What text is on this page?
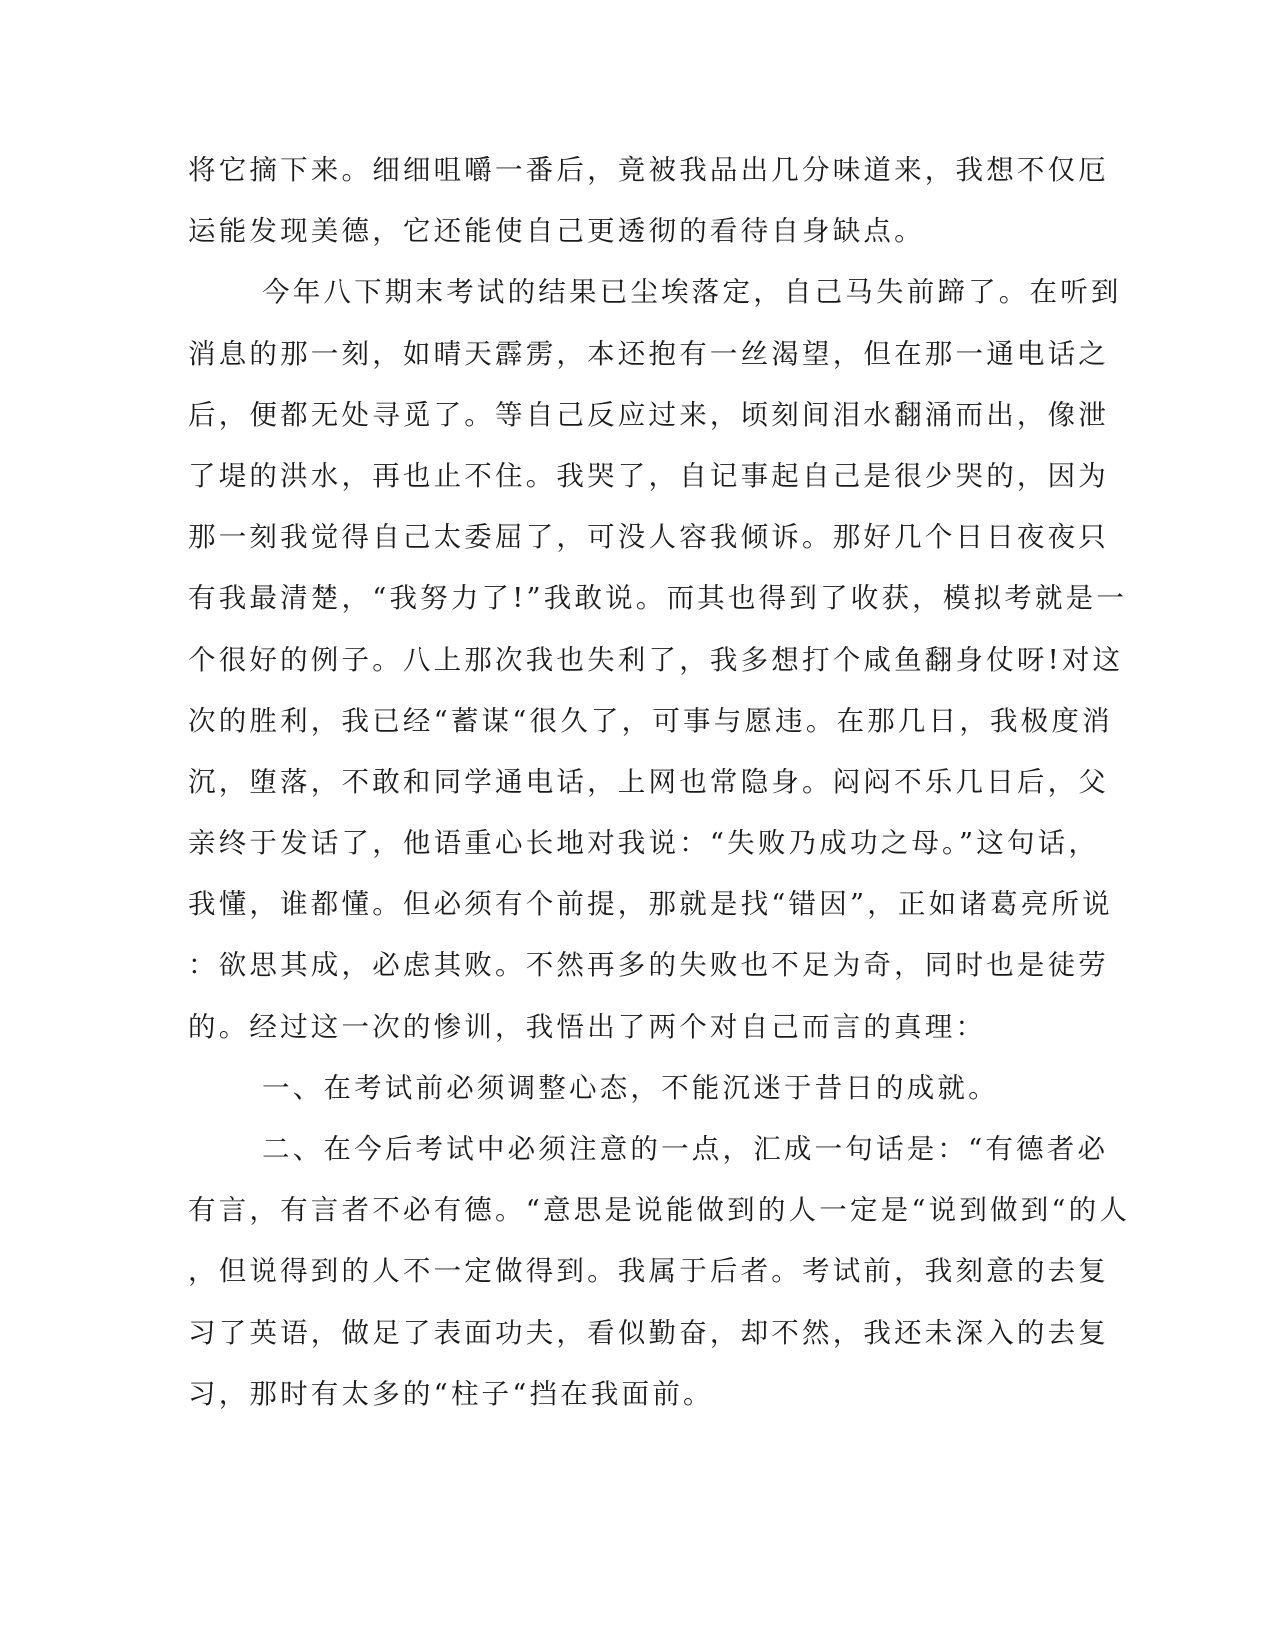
将它摘下来。细细咀嚼一番后，竟被我品出几分味道来，我想不仅厄
运能发现美德，它还能使自己更透彻的看待自身缺点。
今年八下期末考试的结果已尘埃落定，自己马失前蹄了。在听到
消息的那一刻，如晴天霹雳，本还抱有一丝渴望，但在那一通电话之
后，便都无处寻觅了。等自己反应过来，顷刻间泪水翻涌而出，像泄
了堤的洪水，再也止不住。我哭了，自记事起自己是很少哭的，因为
那一刻我觉得自己太委屈了，可没人容我倾诉。那好几个日日夜夜只
有我最清楚，“我努力了!”我敢说。而其也得到了收获，模拟考就是一
个很好的例子。八上那次我也失利了，我多想打个咸鱼翻身仗呀!对这
次的胜利，我已经“蓄谋“很久了，可事与愿违。在那几日，我极度消
沉，堕落，不敢和同学通电话，上网也常隐身。闷闷不乐几日后，父
亲终于发话了，他语重心长地对我说：“失败乃成功之母。”这句话，
我懂，谁都懂。但必须有个前提，那就是找“错因”，正如诸葛亮所说
：欲思其成，必虑其败。不然再多的失败也不足为奇，同时也是徒劳
的。经过这一次的惨训，我悟出了两个对自己而言的真理：
一、在考试前必须调整心态，不能沉迷于昔日的成就。
二、在今后考试中必须注意的一点，汇成一句话是：“有德者必
有言，有言者不必有德。“意思是说能做到的人一定是“说到做到“的人
，但说得到的人不一定做得到。我属于后者。考试前，我刻意的去复
习了英语，做足了表面功夫，看似勤奋，却不然，我还未深入的去复
习，那时有太多的“柱子“挡在我面前。
